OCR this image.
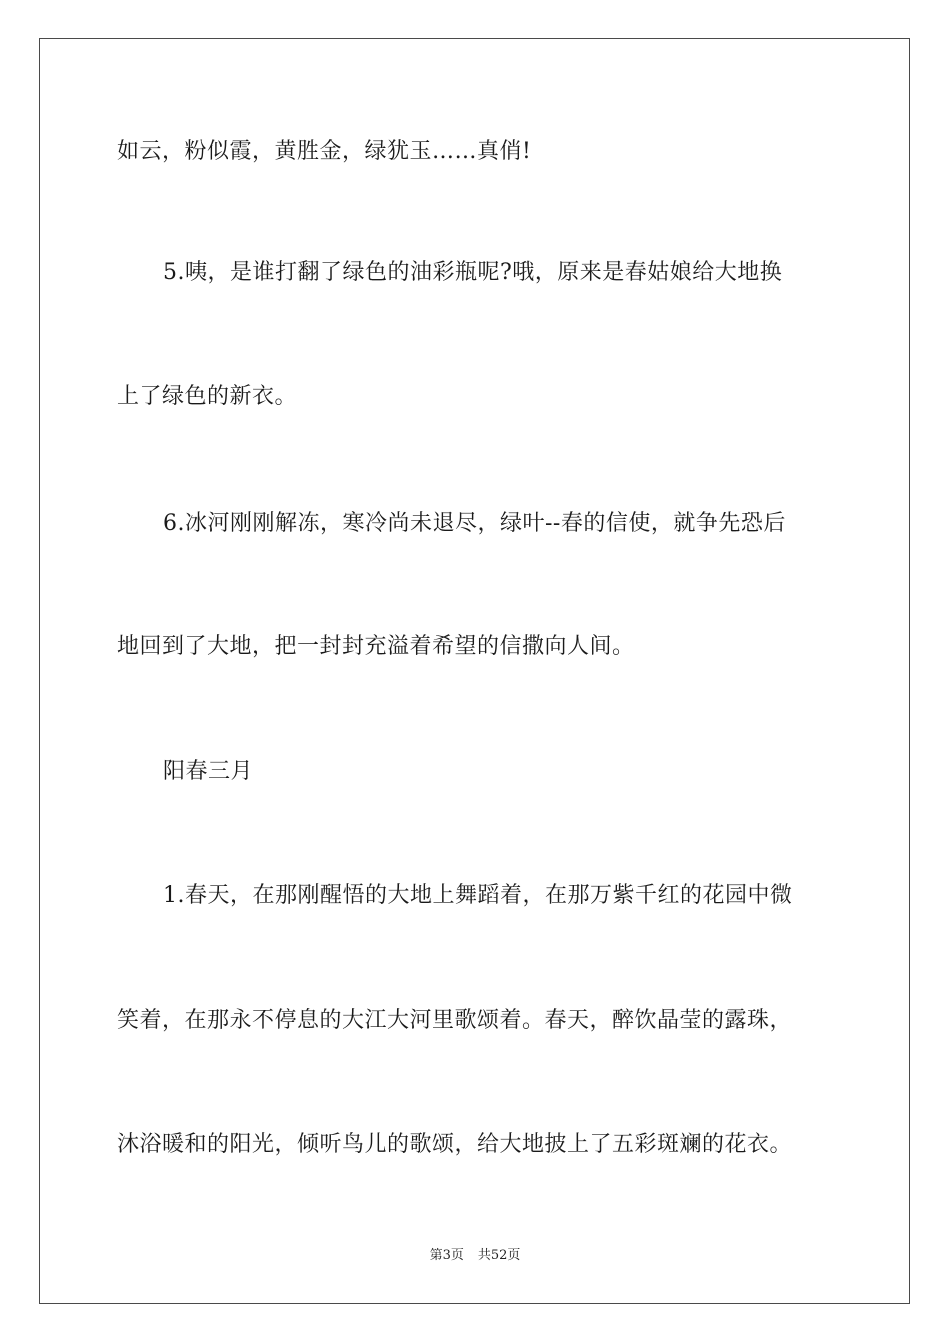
如云，粉似霞，黄胜金，绿犹玉……真俏!
5.咦，是谁打翻了绿色的油彩瓶呢?哦，原来是春姑娘给大地换
上了绿色的新衣。
6.冰河刚刚解冻，寒冷尚未退尽，绿叶--春的信使，就争先恐后
地回到了大地，把一封封充溢着希望的信撒向人间。
阳春三月
1.春天，在那刚醒悟的大地上舞蹈着，在那万紫千红的花园中微
笑着，在那永不停息的大江大河里歌颂着。春天，醉饮晶莹的露珠，
沐浴暖和的阳光，倾听鸟儿的歌颂，给大地披上了五彩斑斓的花衣。
第3页 共52页
